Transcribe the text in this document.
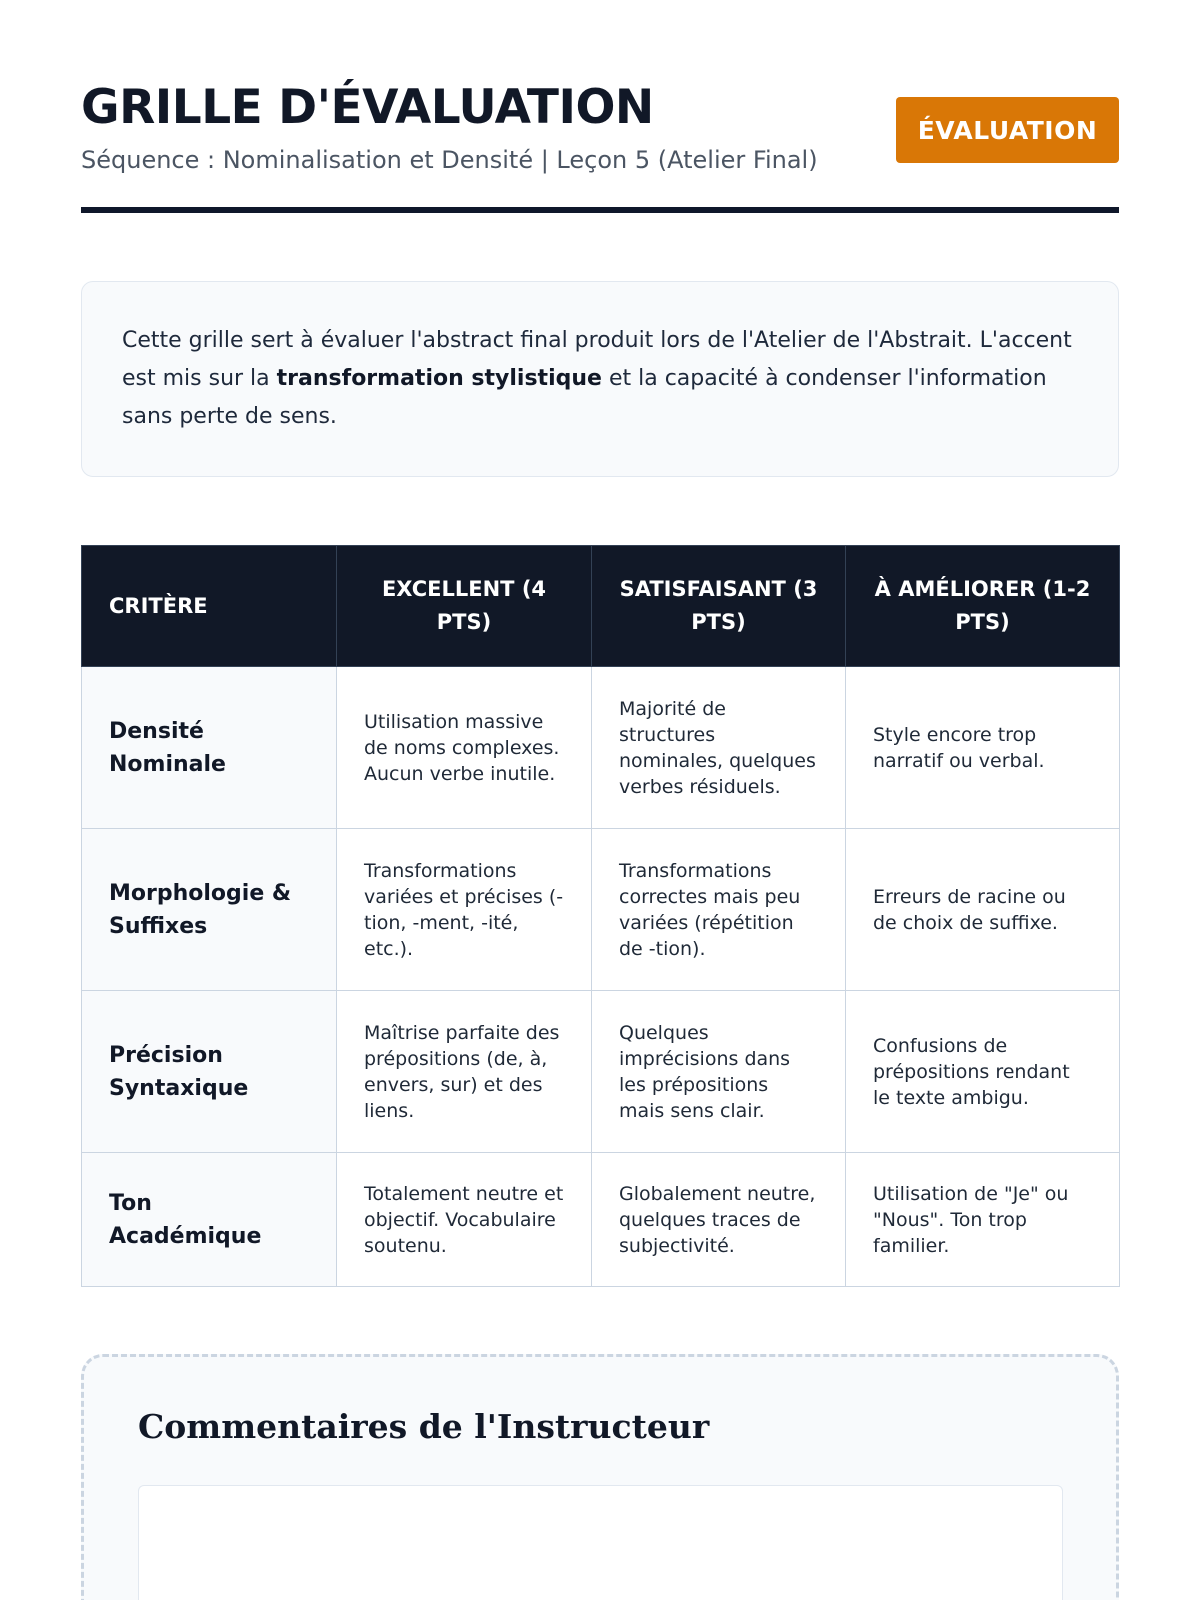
GRILLE D'ÉVALUATION
Séquence : Nominalisation et Densité | Leçon 5 (Atelier Final)
ÉVALUATION
Cette grille sert à évaluer l'abstract final produit lors de l'Atelier de l'Abstrait. L'accent est mis sur la transformation stylistique et la capacité à condenser l'information sans perte de sens.
CRITÈRE	EXCELLENT (4 PTS)	SATISFAISANT (3 PTS)	À AMÉLIORER (1-2 PTS)
Densité Nominale	Utilisation massive de noms complexes. Aucun verbe inutile.	Majorité de structures nominales, quelques verbes résiduels.	Style encore trop narratif ou verbal.
Morphologie & Suffixes	Transformations variées et précises (-tion, -ment, -ité, etc.).	Transformations correctes mais peu variées (répétition de -tion).	Erreurs de racine ou de choix de suffixe.
Précision Syntaxique	Maîtrise parfaite des prépositions (de, à, envers, sur) et des liens.	Quelques imprécisions dans les prépositions mais sens clair.	Confusions de prépositions rendant le texte ambigu.
Ton Académique	Totalement neutre et objectif. Vocabulaire soutenu.	Globalement neutre, quelques traces de subjectivité.	Utilisation de "Je" ou "Nous". Ton trop familier.
Commentaires de l'Instructeur
